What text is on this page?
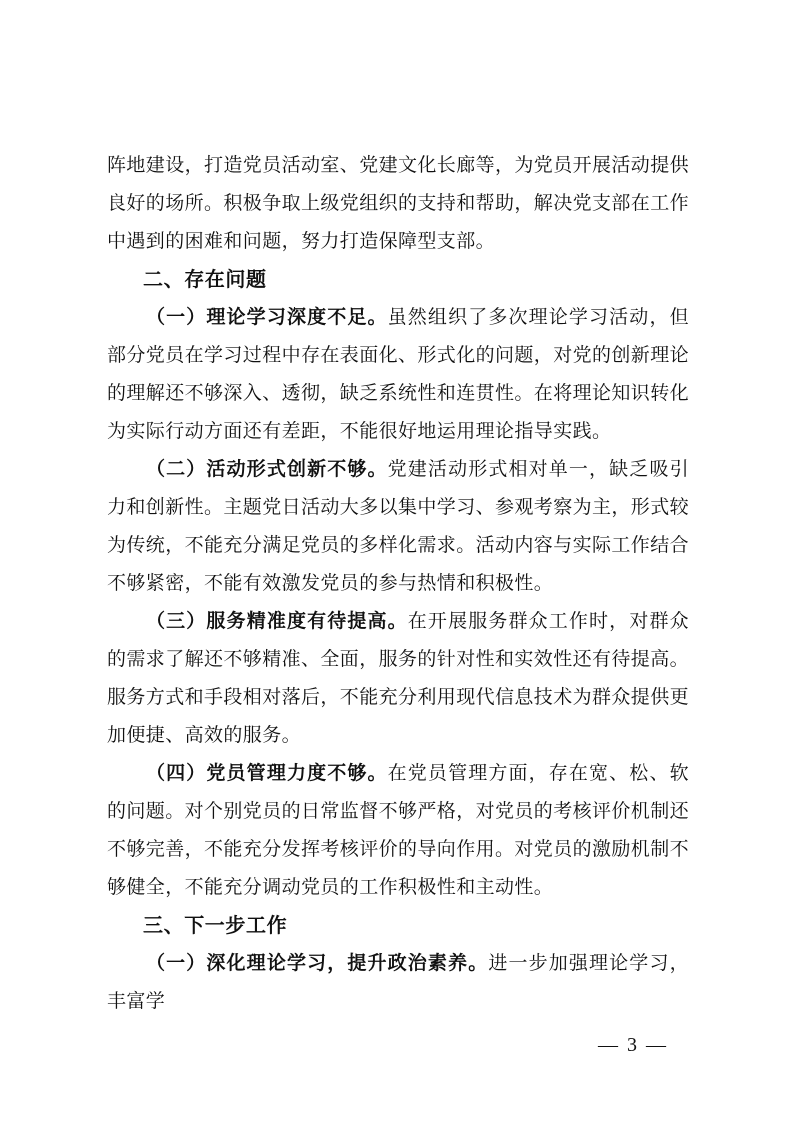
阵地建设，打造党员活动室、党建文化长廊等，为党员开展活动提供良好的场所。积极争取上级党组织的支持和帮助，解决党支部在工作中遇到的困难和问题，努力打造保障型支部。

二、存在问题

（一）理论学习深度不足。虽然组织了多次理论学习活动，但部分党员在学习过程中存在表面化、形式化的问题，对党的创新理论的理解还不够深入、透彻，缺乏系统性和连贯性。在将理论知识转化为实际行动方面还有差距，不能很好地运用理论指导实践。

（二）活动形式创新不够。党建活动形式相对单一，缺乏吸引力和创新性。主题党日活动大多以集中学习、参观考察为主，形式较为传统，不能充分满足党员的多样化需求。活动内容与实际工作结合不够紧密，不能有效激发党员的参与热情和积极性。

（三）服务精准度有待提高。在开展服务群众工作时，对群众的需求了解还不够精准、全面，服务的针对性和实效性还有待提高。服务方式和手段相对落后，不能充分利用现代信息技术为群众提供更加便捷、高效的服务。

（四）党员管理力度不够。在党员管理方面，存在宽、松、软的问题。对个别党员的日常监督不够严格，对党员的考核评价机制还不够完善，不能充分发挥考核评价的导向作用。对党员的激励机制不够健全，不能充分调动党员的工作积极性和主动性。

三、下一步工作

（一）深化理论学习，提升政治素养。进一步加强理论学习，丰富学

— 3 —
